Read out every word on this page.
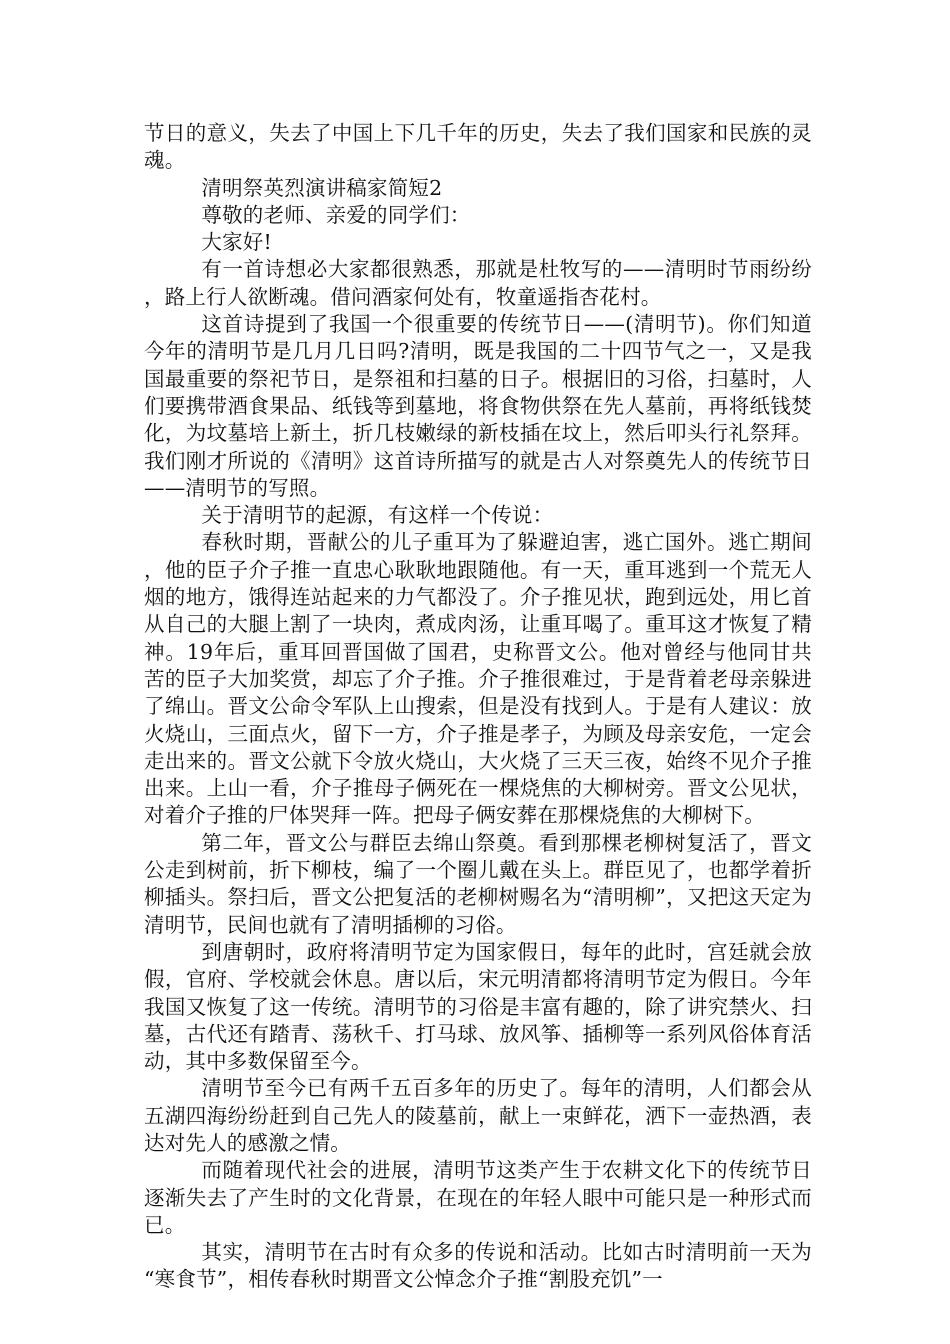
节日的意义，失去了中国上下几千年的历史，失去了我们国家和民族的灵魂。

清明祭英烈演讲稿家简短2

尊敬的老师、亲爱的同学们：

大家好!

有一首诗想必大家都很熟悉，那就是杜牧写的——清明时节雨纷纷，路上行人欲断魂。借问酒家何处有，牧童遥指杏花村。

这首诗提到了我国一个很重要的传统节日——(清明节)。你们知道今年的清明节是几月几日吗?清明，既是我国的二十四节气之一，又是我国最重要的祭祀节日，是祭祖和扫墓的日子。根据旧的习俗，扫墓时，人们要携带酒食果品、纸钱等到墓地，将食物供祭在先人墓前，再将纸钱焚化，为坟墓培上新土，折几枝嫩绿的新枝插在坟上，然后叩头行礼祭拜。我们刚才所说的《清明》这首诗所描写的就是古人对祭奠先人的传统节日——清明节的写照。

关于清明节的起源，有这样一个传说：

春秋时期，晋献公的儿子重耳为了躲避迫害，逃亡国外。逃亡期间，他的臣子介子推一直忠心耿耿地跟随他。有一天，重耳逃到一个荒无人烟的地方，饿得连站起来的力气都没了。介子推见状，跑到远处，用匕首从自己的大腿上割了一块肉，煮成肉汤，让重耳喝了。重耳这才恢复了精神。19年后，重耳回晋国做了国君，史称晋文公。他对曾经与他同甘共苦的臣子大加奖赏，却忘了介子推。介子推很难过，于是背着老母亲躲进了绵山。晋文公命令军队上山搜索，但是没有找到人。于是有人建议：放火烧山，三面点火，留下一方，介子推是孝子，为顾及母亲安危，一定会走出来的。晋文公就下令放火烧山，大火烧了三天三夜，始终不见介子推出来。上山一看，介子推母子俩死在一棵烧焦的大柳树旁。晋文公见状，对着介子推的尸体哭拜一阵。把母子俩安葬在那棵烧焦的大柳树下。

第二年，晋文公与群臣去绵山祭奠。看到那棵老柳树复活了，晋文公走到树前，折下柳枝，编了一个圈儿戴在头上。群臣见了，也都学着折柳插头。祭扫后，晋文公把复活的老柳树赐名为“清明柳”，又把这天定为清明节，民间也就有了清明插柳的习俗。

到唐朝时，政府将清明节定为国家假日，每年的此时，宫廷就会放假，官府、学校就会休息。唐以后，宋元明清都将清明节定为假日。今年我国又恢复了这一传统。清明节的习俗是丰富有趣的，除了讲究禁火、扫墓，古代还有踏青、荡秋千、打马球、放风筝、插柳等一系列风俗体育活动，其中多数保留至今。

清明节至今已有两千五百多年的历史了。每年的清明，人们都会从五湖四海纷纷赶到自己先人的陵墓前，献上一束鲜花，洒下一壶热酒，表达对先人的感激之情。

而随着现代社会的进展，清明节这类产生于农耕文化下的传统节日逐渐失去了产生时的文化背景，在现在的年轻人眼中可能只是一种形式而已。

其实，清明节在古时有众多的传说和活动。比如古时清明前一天为“寒食节”，相传春秋时期晋文公悼念介子推“割股充饥”一
